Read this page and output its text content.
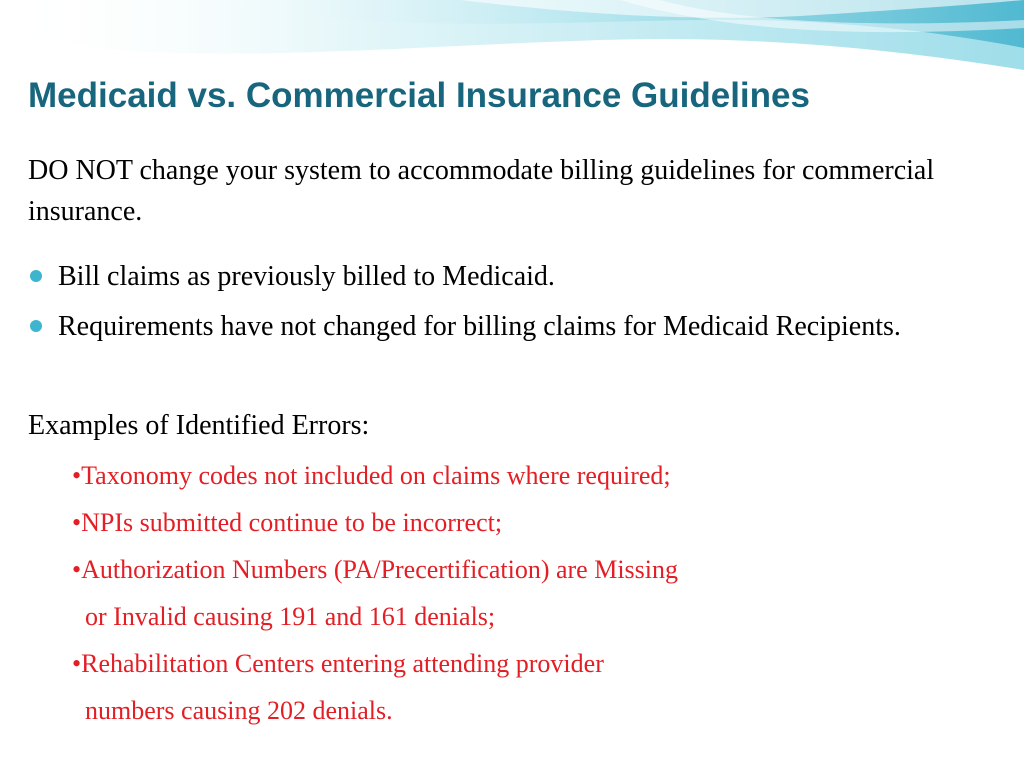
Medicaid vs. Commercial Insurance Guidelines

DO NOT change your system to accommodate billing guidelines for commercial insurance.

Bill claims as previously billed to Medicaid.
Requirements have not changed for billing claims for Medicaid Recipients.

Examples of Identified Errors:

•Taxonomy codes not included on claims where required;
•NPIs submitted continue to be incorrect;
•Authorization Numbers (PA/Precertification) are Missing
or Invalid causing 191 and 161 denials;
•Rehabilitation Centers entering attending provider
numbers causing 202 denials.
